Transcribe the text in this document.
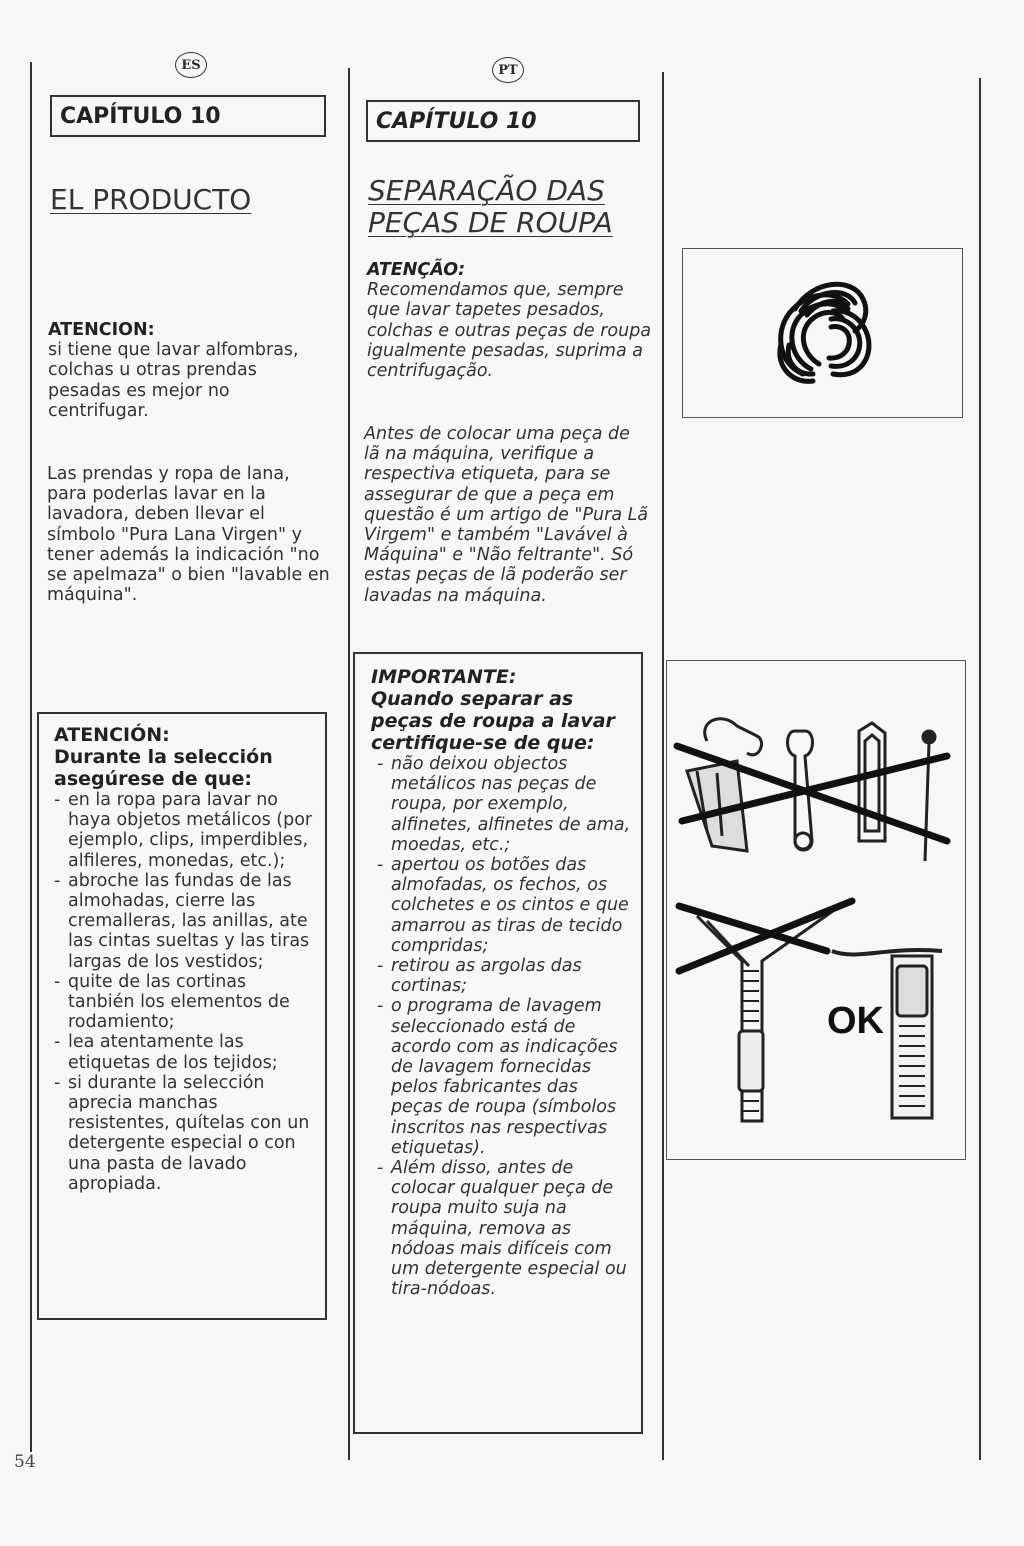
ES
CAPÍTULO 10
EL PRODUCTO
ATENCION:

si tiene que lavar alfombras, colchas u otras prendas pesadas es mejor no centrifugar.

Las prendas y ropa de lana, para poderlas lavar en la lavadora, deben llevar el símbolo "Pura Lana Virgen" y tener además la indicación "no se apelmaza" o bien "lavable en máquina".

ATENCIÓN:
Durante la selección asegúrese de que:
- en la ropa para lavar no haya objetos metálicos (por ejemplo, clips, imperdibles, alfileres, monedas, etc.);
- abroche las fundas de las almohadas, cierre las cremalleras, las anillas, ate las cintas sueltas y las tiras largas de los vestidos;
- quite de las cortinas tanbién los elementos de rodamiento;
- lea atentamente las etiquetas de los tejidos;
- si durante la selección aprecia manchas resistentes, quítelas con un detergente especial o con una pasta de lavado apropiada.
PT
CAPÍTULO 10
SEPARAÇÃO DAS
PEÇAS DE ROUPA
ATENÇÃO:

Recomendamos que, sempre que lavar tapetes pesados, colchas e outras peças de roupa igualmente pesadas, suprima a centrifugação.

Antes de colocar uma peça de lã na máquina, verifique a respectiva etiqueta, para se assegurar de que a peça em questão é um artigo de "Pura Lã Virgem" e também "Lavável à Máquina" e "Não feltrante". Só estas peças de lã poderão ser lavadas na máquina.

IMPORTANTE:
Quando separar as peças de roupa a lavar certifique-se de que:
- não deixou objectos metálicos nas peças de roupa, por exemplo, alfinetes, alfinetes de ama, moedas, etc.;
- apertou os botões das almofadas, os fechos, os colchetes e os cintos e que amarrou as tiras de tecido compridas;
- retirou as argolas das cortinas;
- o programa de lavagem seleccionado está de acordo com as indicações de lavagem fornecidas pelos fabricantes das peças de roupa (símbolos inscritos nas respectivas etiquetas).
- Além disso, antes de colocar qualquer peça de roupa muito suja na máquina, remova as nódoas mais difíceis com um detergente especial ou tira-nódoas.
OK
54
